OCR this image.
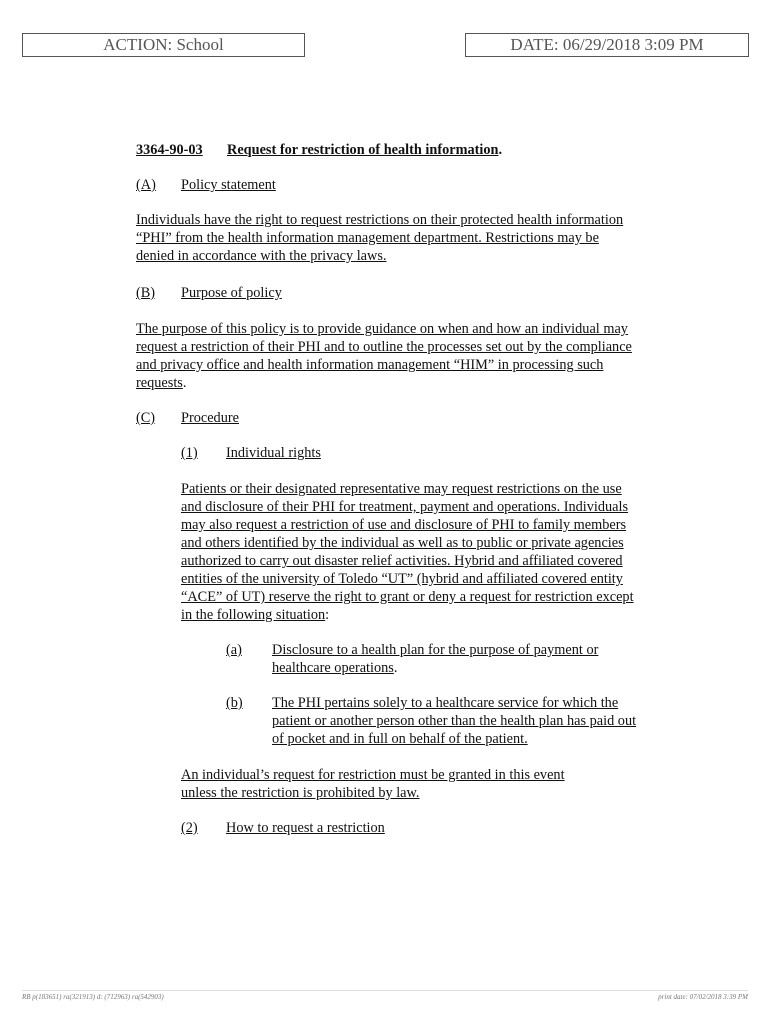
ACTION: School	DATE: 06/29/2018 3:09 PM
3364-90-03 Request for restriction of health information.
(A) Policy statement
Individuals have the right to request restrictions on their protected health information “PHI” from the health information management department. Restrictions may be denied in accordance with the privacy laws.
(B) Purpose of policy
The purpose of this policy is to provide guidance on when and how an individual may request a restriction of their PHI and to outline the processes set out by the compliance and privacy office and health information management “HIM” in processing such requests.
(C) Procedure
(1) Individual rights
Patients or their designated representative may request restrictions on the use and disclosure of their PHI for treatment, payment and operations. Individuals may also request a restriction of use and disclosure of PHI to family members and others identified by the individual as well as to public or private agencies authorized to carry out disaster relief activities. Hybrid and affiliated covered entities of the university of Toledo “UT” (hybrid and affiliated covered entity “ACE” of UT) reserve the right to grant or deny a request for restriction except in the following situation:
(a) Disclosure to a health plan for the purpose of payment or healthcare operations.
(b) The PHI pertains solely to a healthcare service for which the patient or another person other than the health plan has paid out of pocket and in full on behalf of the patient.
An individual’s request for restriction must be granted in this event unless the restriction is prohibited by law.
(2) How to request a restriction
RB p(183651) ra(321913) d: (712963) ra(542903)	print date: 07/02/2018 3:39 PM
